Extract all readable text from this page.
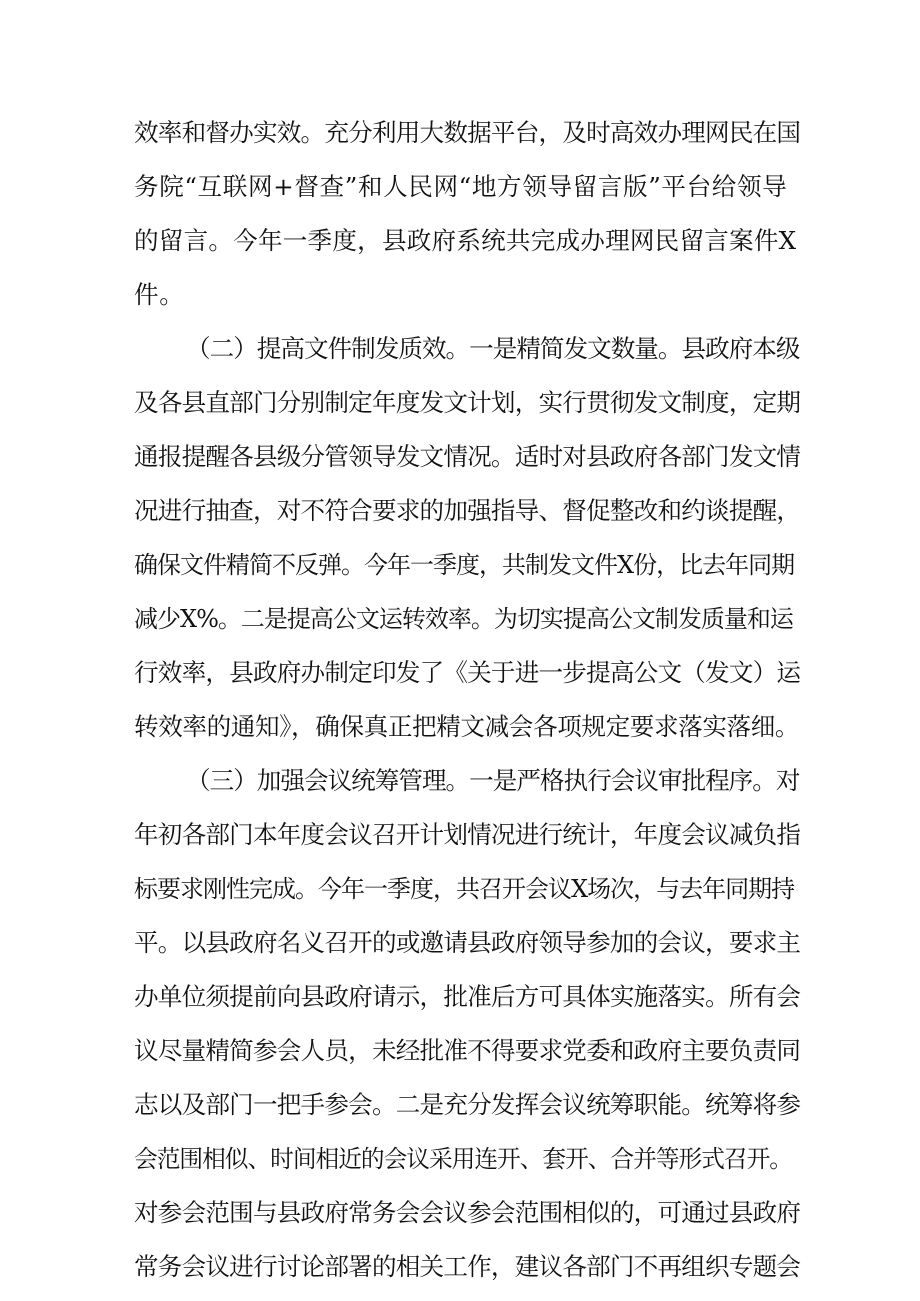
效率和督办实效。充分利用大数据平台，及时高效办理网民在国
务院“互联网+督查”和人民网“地方领导留言版”平台给领导
的留言。今年一季度，县政府系统共完成办理网民留言案件X
件。
（二）提高文件制发质效。一是精简发文数量。县政府本级
及各县直部门分别制定年度发文计划，实行贯彻发文制度，定期
通报提醒各县级分管领导发文情况。适时对县政府各部门发文情
况进行抽查，对不符合要求的加强指导、督促整改和约谈提醒，
确保文件精简不反弹。今年一季度，共制发文件X份，比去年同期
减少X%。二是提高公文运转效率。为切实提高公文制发质量和运
行效率，县政府办制定印发了《关于进一步提高公文（发文）运
转效率的通知》，确保真正把精文减会各项规定要求落实落细。
（三）加强会议统筹管理。一是严格执行会议审批程序。对
年初各部门本年度会议召开计划情况进行统计，年度会议减负指
标要求刚性完成。今年一季度，共召开会议X场次，与去年同期持
平。以县政府名义召开的或邀请县政府领导参加的会议，要求主
办单位须提前向县政府请示，批准后方可具体实施落实。所有会
议尽量精简参会人员，未经批准不得要求党委和政府主要负责同
志以及部门一把手参会。二是充分发挥会议统筹职能。统筹将参
会范围相似、时间相近的会议采用连开、套开、合并等形式召开。
对参会范围与县政府常务会会议参会范围相似的，可通过县政府
常务会议进行讨论部署的相关工作，建议各部门不再组织专题会
